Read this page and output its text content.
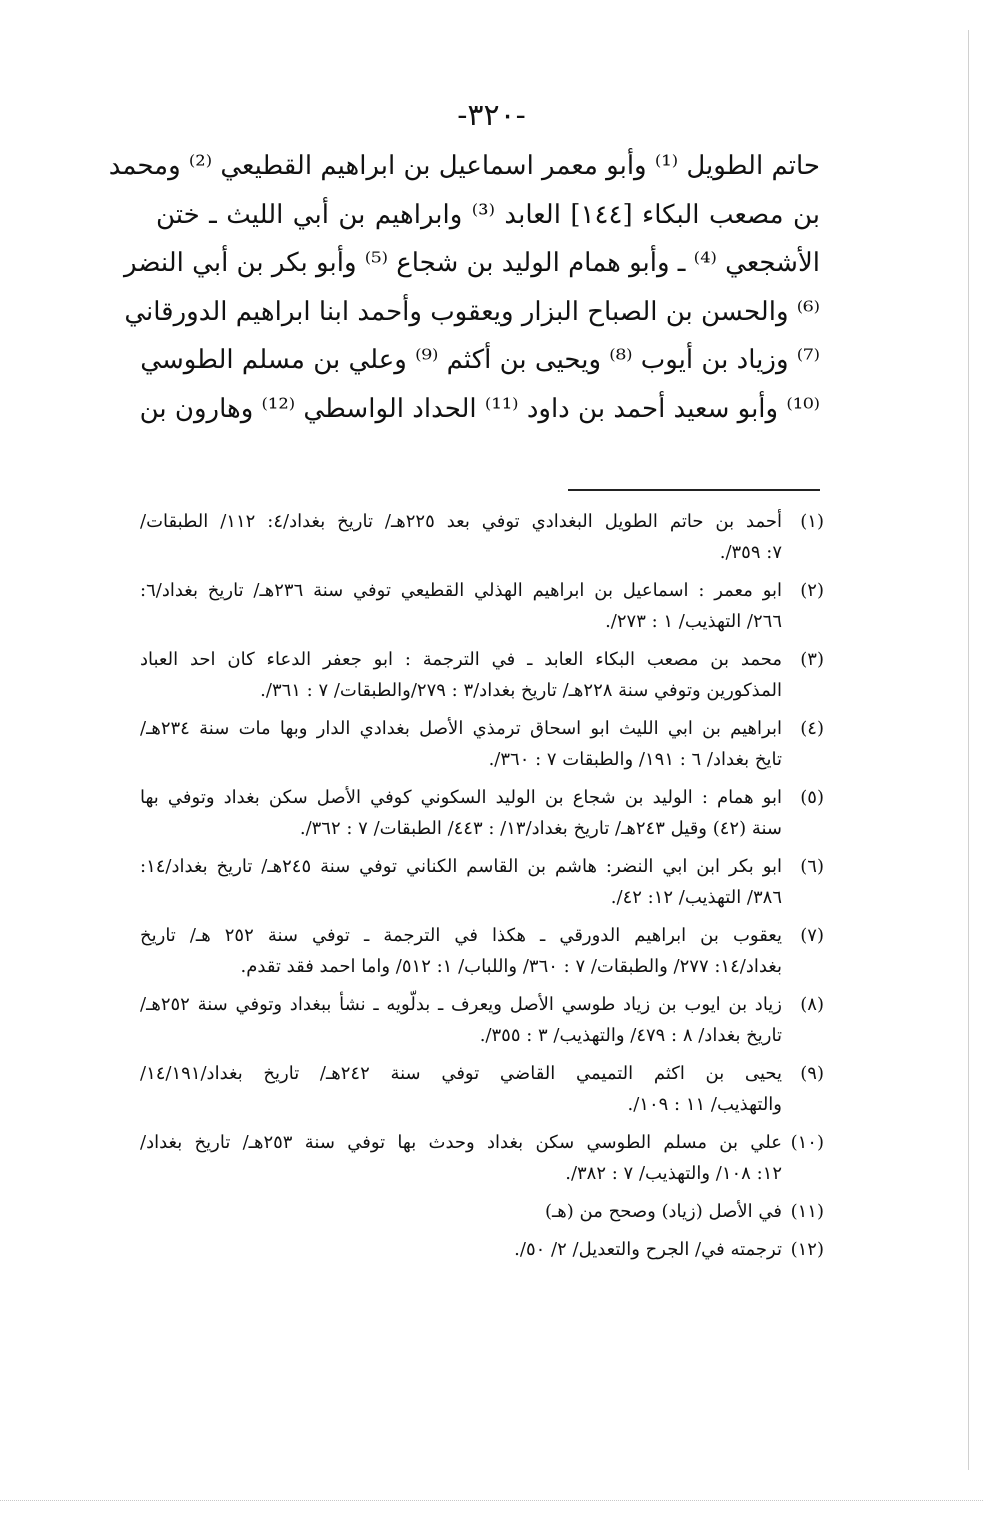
-٣٢٠-
حاتم الطويل ⁽¹⁾ وأبو معمر اسماعيل بن ابراهيم القطيعي ⁽²⁾ ومحمد
بن مصعب البكاء [١٤٤] العابد ⁽³⁾ وابراهيم بن أبي الليث ـ ختن
الأشجعي ⁽⁴⁾ ـ وأبو همام الوليد بن شجاع ⁽⁵⁾ وأبو بكر بن أبي النضر
⁽⁶⁾ والحسن بن الصباح البزار ويعقوب وأحمد ابنا ابراهيم الدورقاني
⁽⁷⁾ وزياد بن أيوب ⁽⁸⁾ ويحيى بن أكثم ⁽⁹⁾ وعلي بن مسلم الطوسي
⁽¹⁰⁾ وأبو سعيد أحمد بن داود ⁽¹¹⁾ الحداد الواسطي ⁽¹²⁾ وهارون بن
(١)
أحمد بن حاتم الطويل البغدادي توفي بعد ٢٢٥هـ/ تاريخ بغداد/٤: ١١٢/ الطبقات/
٧: ٣٥٩/.
(٢)
ابو معمر : اسماعيل بن ابراهيم الهذلي القطيعي توفي سنة ٢٣٦هـ/ تاريخ بغداد/٦:
٢٦٦/ التهذيب/ ١ : ٢٧٣/.
(٣)
محمد بن مصعب البكاء العابد ـ في الترجمة : ابو جعفر الدعاء كان احد العباد
المذكورين وتوفي سنة ٢٢٨هـ/ تاريخ بغداد/٣ : ٢٧٩/والطبقات/ ٧ : ٣٦١/.
(٤)
ابراهيم بن ابي الليث ابو اسحاق ترمذي الأصل بغدادي الدار وبها مات سنة ٢٣٤هـ/
تايخ بغداد/ ٦ : ١٩١/ والطبقات ٧ : ٣٦٠/.
(٥)
ابو همام : الوليد بن شجاع بن الوليد السكوني كوفي الأصل سكن بغداد وتوفي بها
سنة (٤٢) وقيل ٢٤٣هـ/ تاريخ بغداد/١٣/ : ٤٤٣/ الطبقات/ ٧ : ٣٦٢/.
(٦)
ابو بكر ابن ابي النضر: هاشم بن القاسم الكناني توفي سنة ٢٤٥هـ/ تاريخ بغداد/١٤:
٣٨٦/ التهذيب/ ١٢: ٤٢/.
(٧)
يعقوب بن ابراهيم الدورقي ـ هكذا في الترجمة ـ توفي سنة ٢٥٢ هـ/ تاريخ
بغداد/١٤: ٢٧٧/ والطبقات/ ٧ : ٣٦٠/ واللباب/ ١: ٥١٢/ واما احمد فقد تقدم.
(٨)
زياد بن ايوب بن زياد طوسي الأصل ويعرف ـ بدلّويه ـ نشأ ببغداد وتوفي سنة ٢٥٢هـ/
تاريخ بغداد/ ٨ : ٤٧٩/ والتهذيب/ ٣ : ٣٥٥/.
(٩)
يحيى بن اكثم التميمي القاضي توفي سنة ٢٤٢هـ/ تاريخ بغداد/١٤/١٩١/
والتهذيب/ ١١ : ١٠٩/.
(١٠)
علي بن مسلم الطوسي سكن بغداد وحدث بها توفي سنة ٢٥٣هـ/ تاريخ بغداد/
١٢: ١٠٨/ والتهذيب/ ٧ : ٣٨٢/.
(١١)
في الأصل (زياد) وصحح من (هـ)
(١٢)
ترجمته في/ الجرح والتعديل/ ٢/ ٥٠/.
